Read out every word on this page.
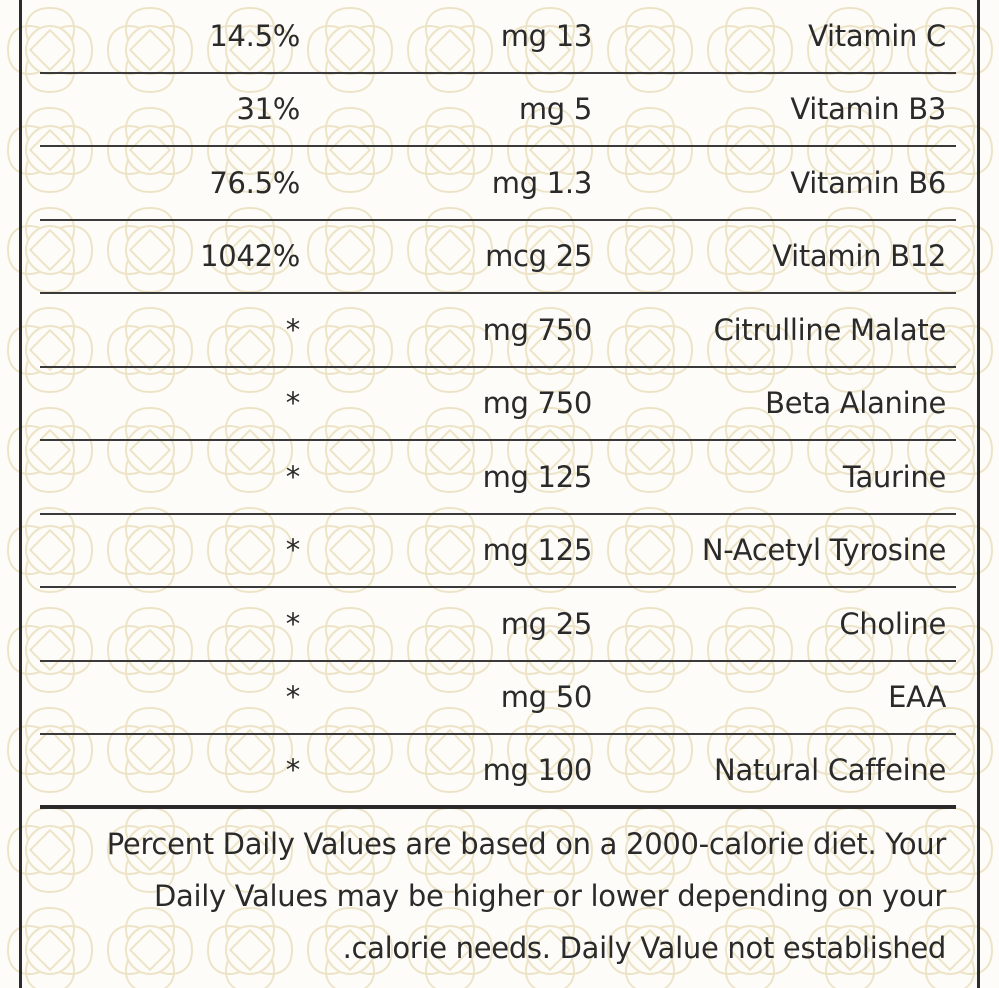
14.5%	mg 13	Vitamin C
31%	mg 5	Vitamin B3
76.5%	mg 1.3	Vitamin B6
1042%	mcg 25	Vitamin B12
*	mg 750	Citrulline Malate
*	mg 750	Beta Alanine
*	mg 125	Taurine
*	mg 125	N-Acetyl Tyrosine
*	mg 25	Choline
*	mg 50	EAA
*	mg 100	Natural Caffeine
Percent Daily Values are based on a 2000-calorie diet. Your
Daily Values may be higher or lower depending on your
.calorie needs. Daily Value not established
